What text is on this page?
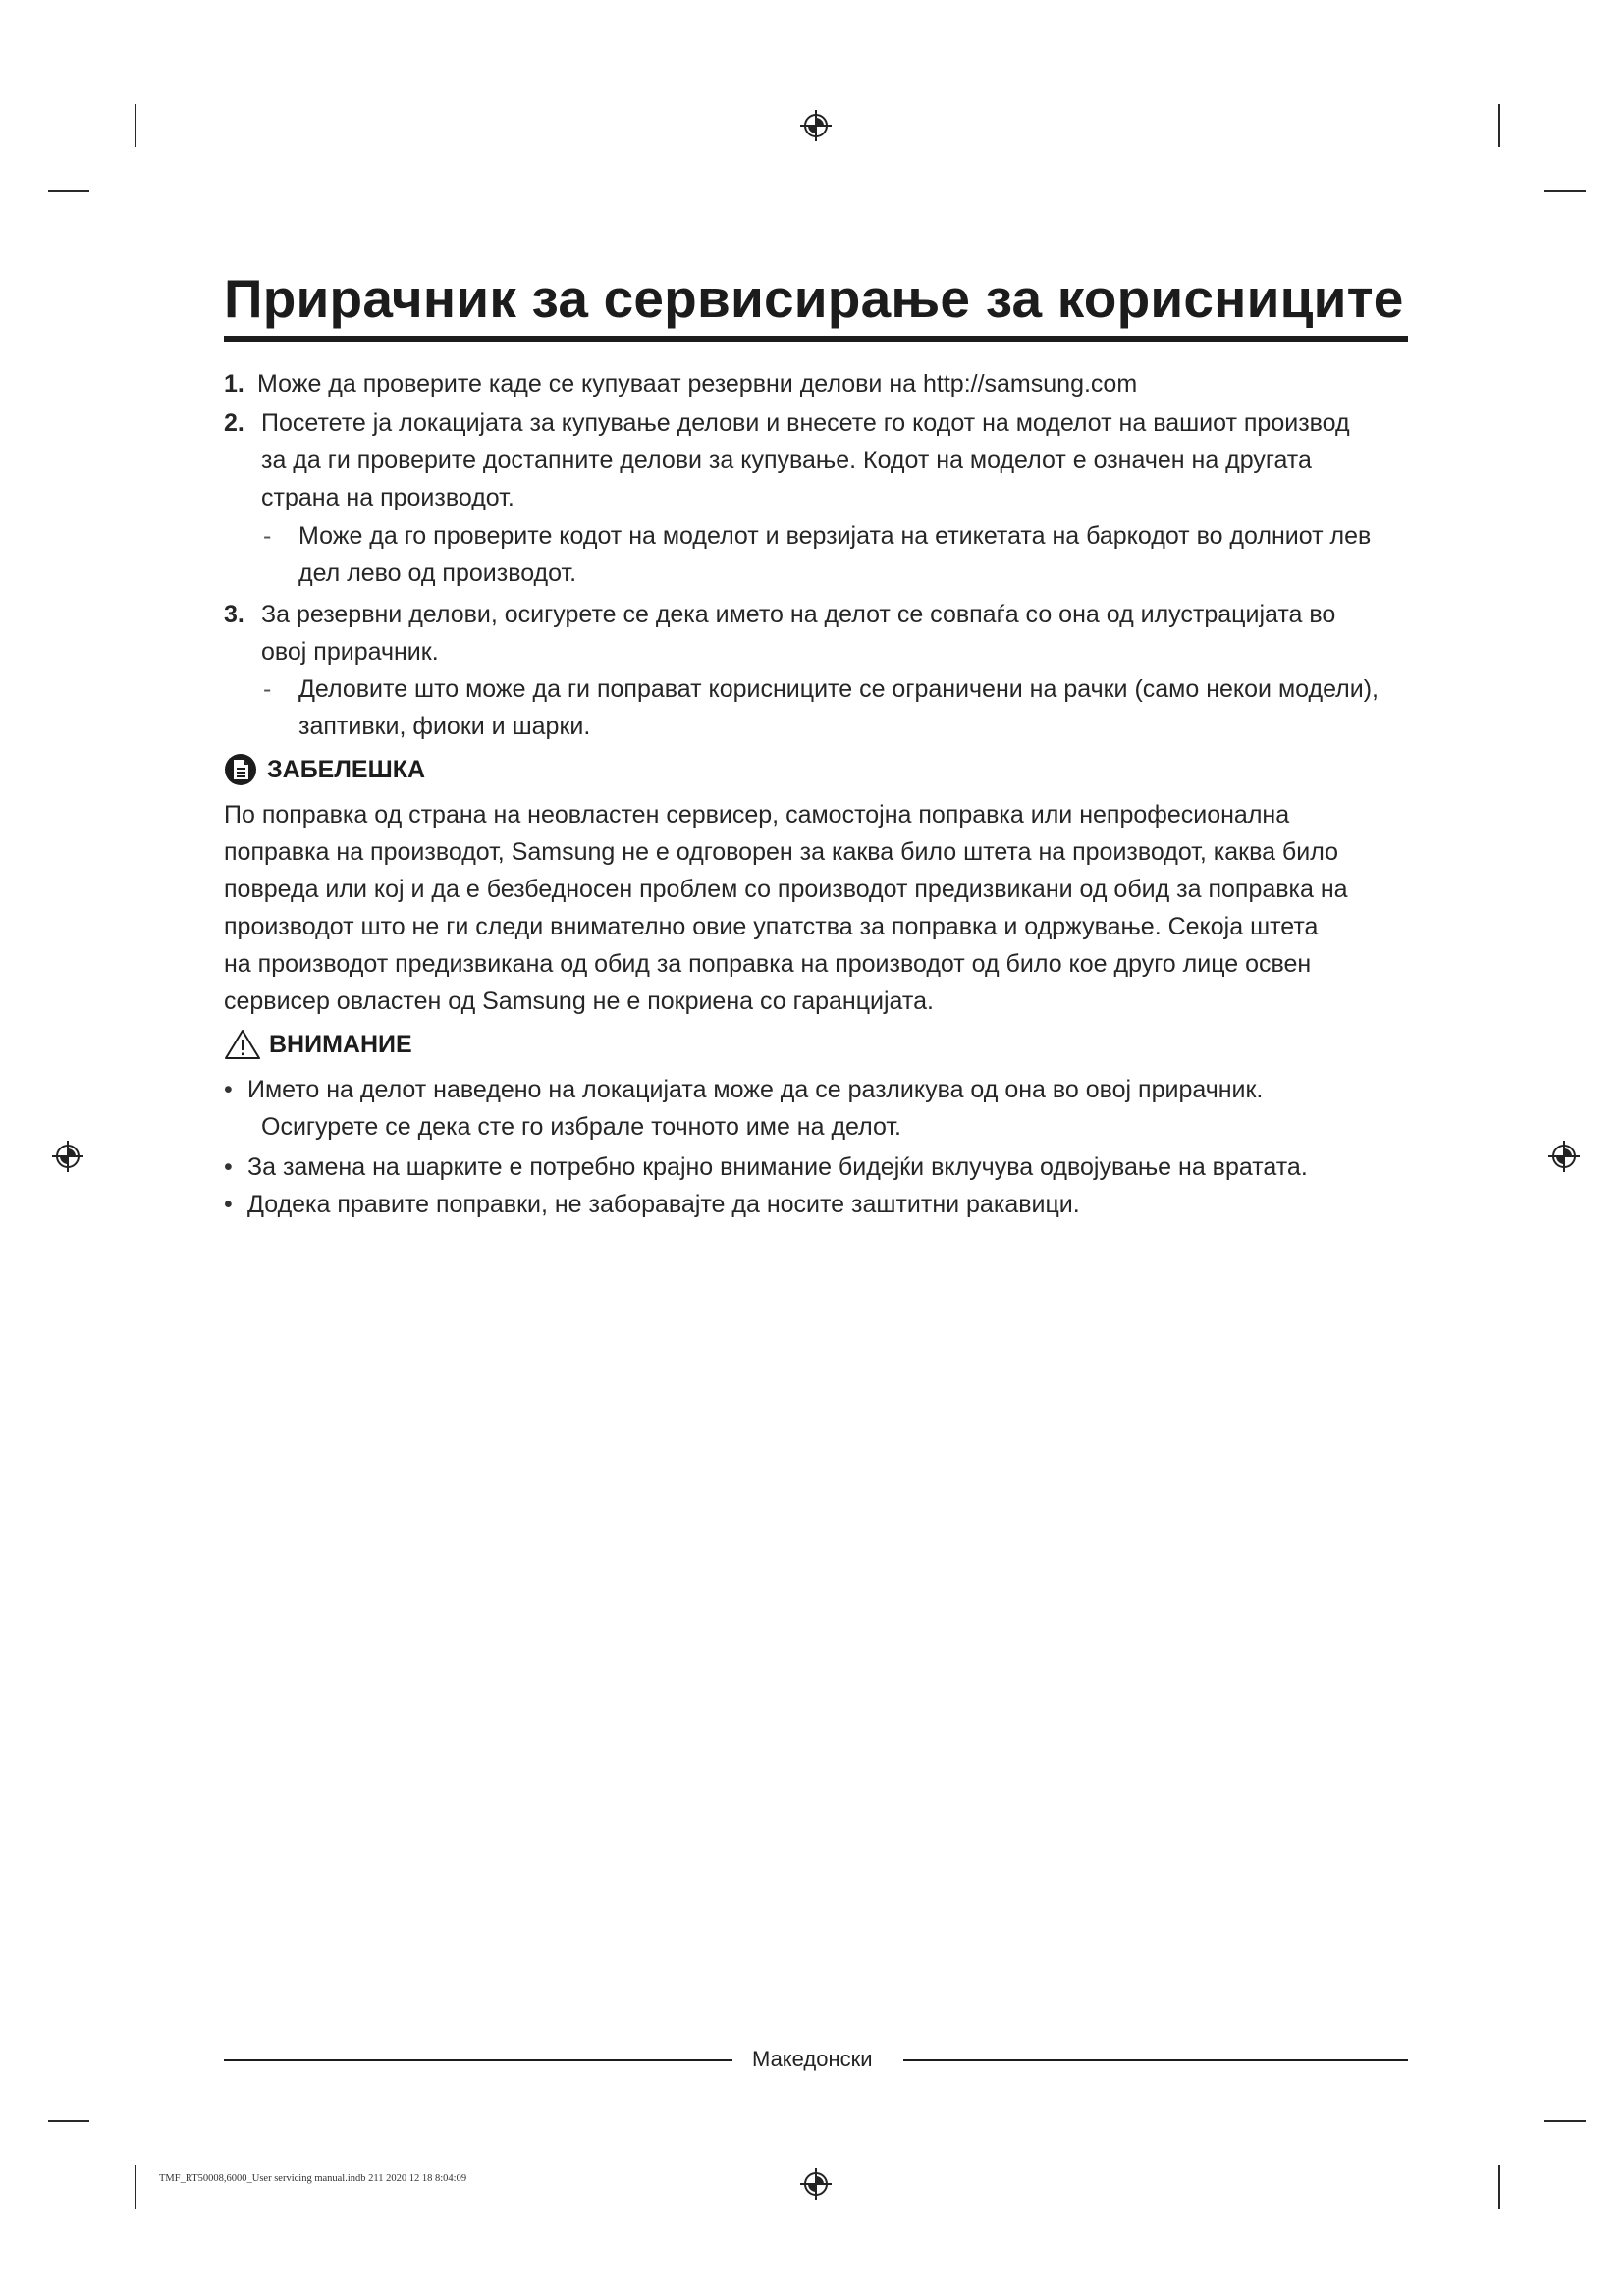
Прирачник за сервисирање за корисниците
1. Може да проверите каде се купуваат резервни делови на http://samsung.com
2. Посетете ја локацијата за купување делови и внесете го кодот на моделот на вашиот производ
за да ги проверите достапните делови за купување. Кодот на моделот е означен на другата
страна на производот.
- Може да го проверите кодот на моделот и верзијата на етикетата на баркодот во долниот лев
дел лево од производот.
3. За резервни делови, осигурете се дека името на делот се совпаѓа со она од илустрацијата во
овој прирачник.
- Деловите што може да ги поправат корисниците се ограничени на рачки (само некои модели),
заптивки, фиоки и шарки.
ЗАБЕЛЕШКА
По поправка од страна на неовластен сервисер, самостојна поправка или непрофесионална
поправка на производот, Samsung не е одговорен за каква било штета на производот, каква било
повреда или кој и да е безбедносен проблем со производот предизвикани од обид за поправка на
производот што не ги следи внимателно овие упатства за поправка и одржување. Секоја штета
на производот предизвикана од обид за поправка на производот од било кое друго лице освен
сервисер овластен од Samsung не е покриена со гаранцијата.
ВНИМАНИЕ
• Името на делот наведено на локацијата може да се разликува од она во овој прирачник.
Осигурете се дека сте го избрале точното име на делот.
• За замена на шарките е потребно крајно внимание бидејќи вклучува одвојување на вратата.
• Додека правите поправки, не заборавајте да носите заштитни ракавици.
Македонски
TMF_RT50008,6000_User servicing manual.indb 211 2020 12 18 8:04:09
